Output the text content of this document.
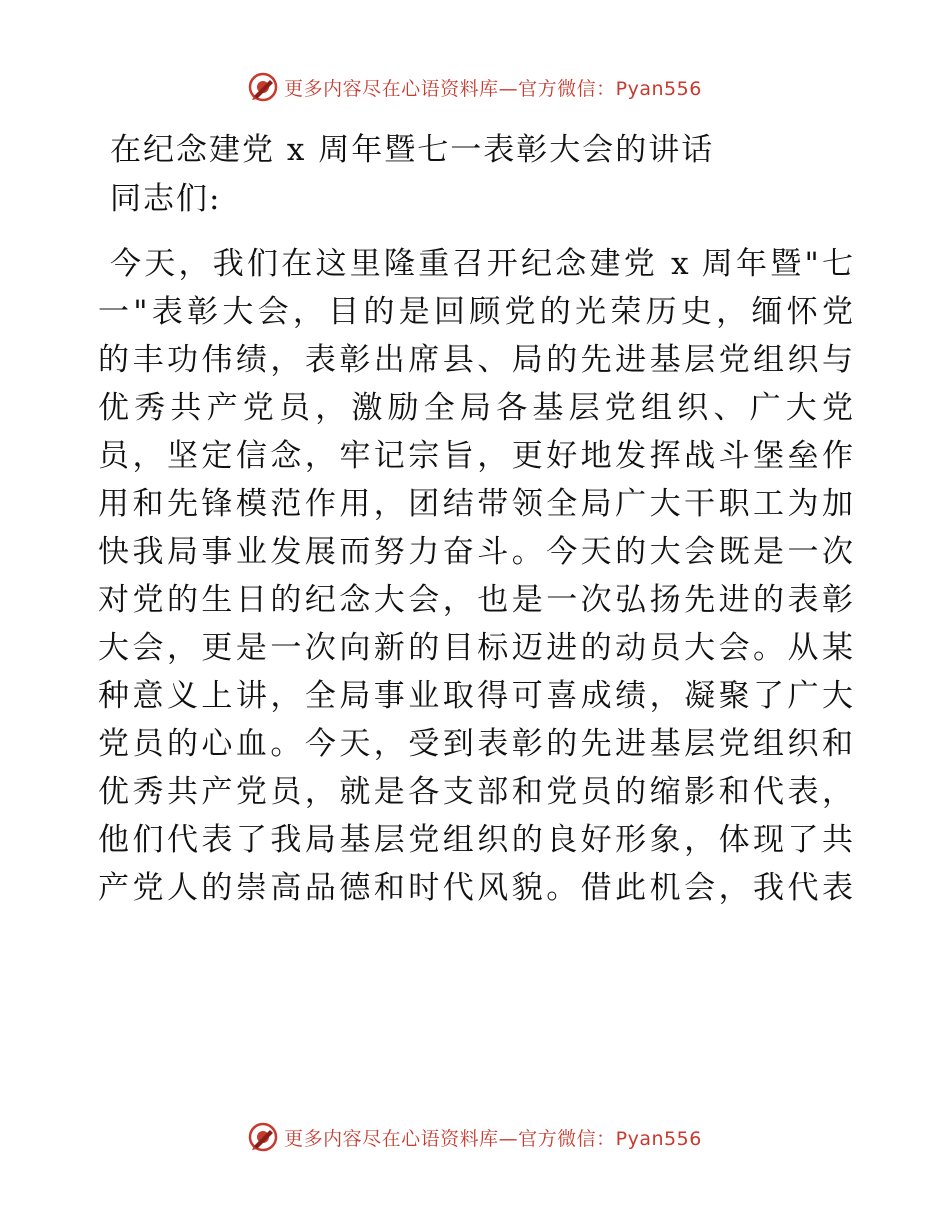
更多内容尽在心语资料库—官方微信：Pyan556
在纪念建党 x 周年暨七一表彰大会的讲话
同志们:
今天，我们在这里隆重召开纪念建党 x 周年暨"七
一"表彰大会，目的是回顾党的光荣历史，缅怀党
的丰功伟绩，表彰出席县、局的先进基层党组织与
优秀共产党员，激励全局各基层党组织、广大党
员，坚定信念，牢记宗旨，更好地发挥战斗堡垒作
用和先锋模范作用，团结带领全局广大干职工为加
快我局事业发展而努力奋斗。今天的大会既是一次
对党的生日的纪念大会，也是一次弘扬先进的表彰
大会，更是一次向新的目标迈进的动员大会。从某
种意义上讲，全局事业取得可喜成绩，凝聚了广大
党员的心血。今天，受到表彰的先进基层党组织和
优秀共产党员，就是各支部和党员的缩影和代表，
他们代表了我局基层党组织的良好形象，体现了共
产党人的崇高品德和时代风貌。借此机会，我代表
更多内容尽在心语资料库—官方微信：Pyan556
